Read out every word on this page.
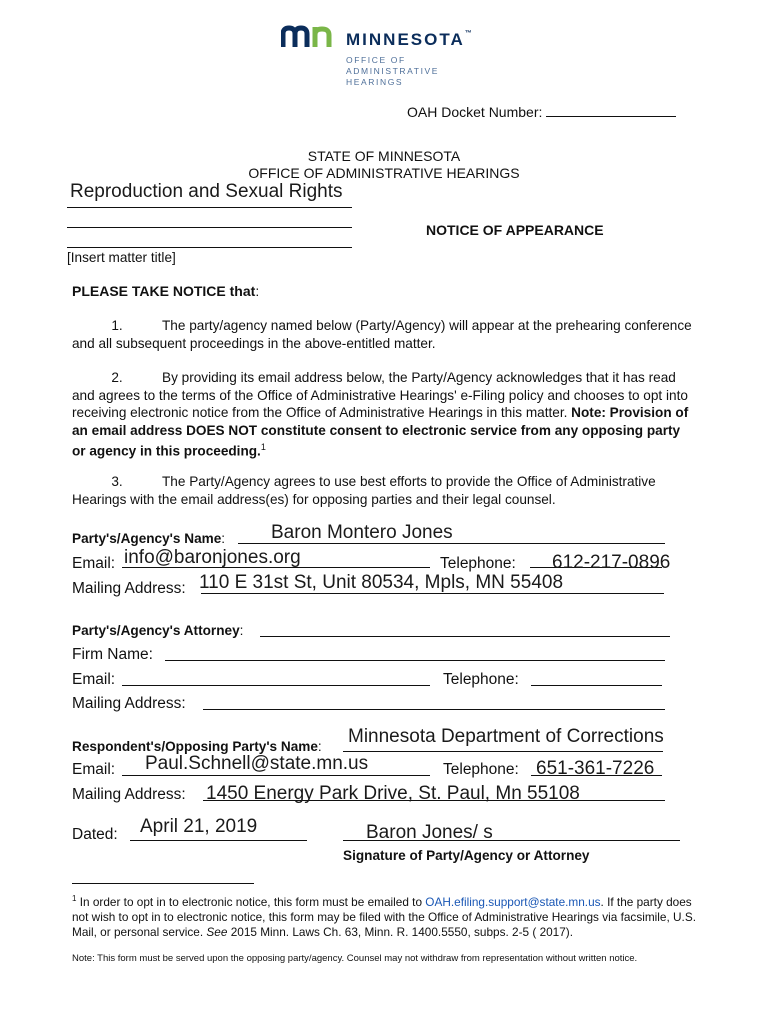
MINNESOTA™
OFFICE OF
ADMINISTRATIVE
HEARINGS
OAH Docket Number:
STATE OF MINNESOTA
OFFICE OF ADMINISTRATIVE HEARINGS
Reproduction and Sexual Rights
[Insert matter title]
NOTICE OF APPEARANCE
PLEASE TAKE NOTICE that:
1.	The party/agency named below (Party/Agency) will appear at the prehearing conference and all subsequent proceedings in the above-entitled matter.
2.	By providing its email address below, the Party/Agency acknowledges that it has read and agrees to the terms of the Office of Administrative Hearings' e-Filing policy and chooses to opt into receiving electronic notice from the Office of Administrative Hearings in this matter. Note: Provision of an email address DOES NOT constitute consent to electronic service from any opposing party or agency in this proceeding.$^1$
3.	The Party/Agency agrees to use best efforts to provide the Office of Administrative Hearings with the email address(es) for opposing parties and their legal counsel.
Party's/Agency's Name: Baron Montero Jones
Email: info@baronjones.org	Telephone: 612-217-0896
Mailing Address: 110 E 31st St, Unit 80534, Mpls, MN 55408
Party's/Agency's Attorney:
Firm Name:
Email:	Telephone:
Mailing Address:
Respondent's/Opposing Party's Name: Minnesota Department of Corrections
Email: Paul.Schnell@state.mn.us	Telephone: 651-361-7226
Mailing Address: 1450 Energy Park Drive, St. Paul, Mn 55108
Dated: April 21, 2019	Baron Jones/ s
Signature of Party/Agency or Attorney
$^1$ In order to opt in to electronic notice, this form must be emailed to OAH.efiling.support@state.mn.us. If the party does not wish to opt in to electronic notice, this form may be filed with the Office of Administrative Hearings via facsimile, U.S. Mail, or personal service. See 2015 Minn. Laws Ch. 63, Minn. R. 1400.5550, subps. 2-5 ( 2017).
Note: This form must be served upon the opposing party/agency. Counsel may not withdraw from representation without written notice.
